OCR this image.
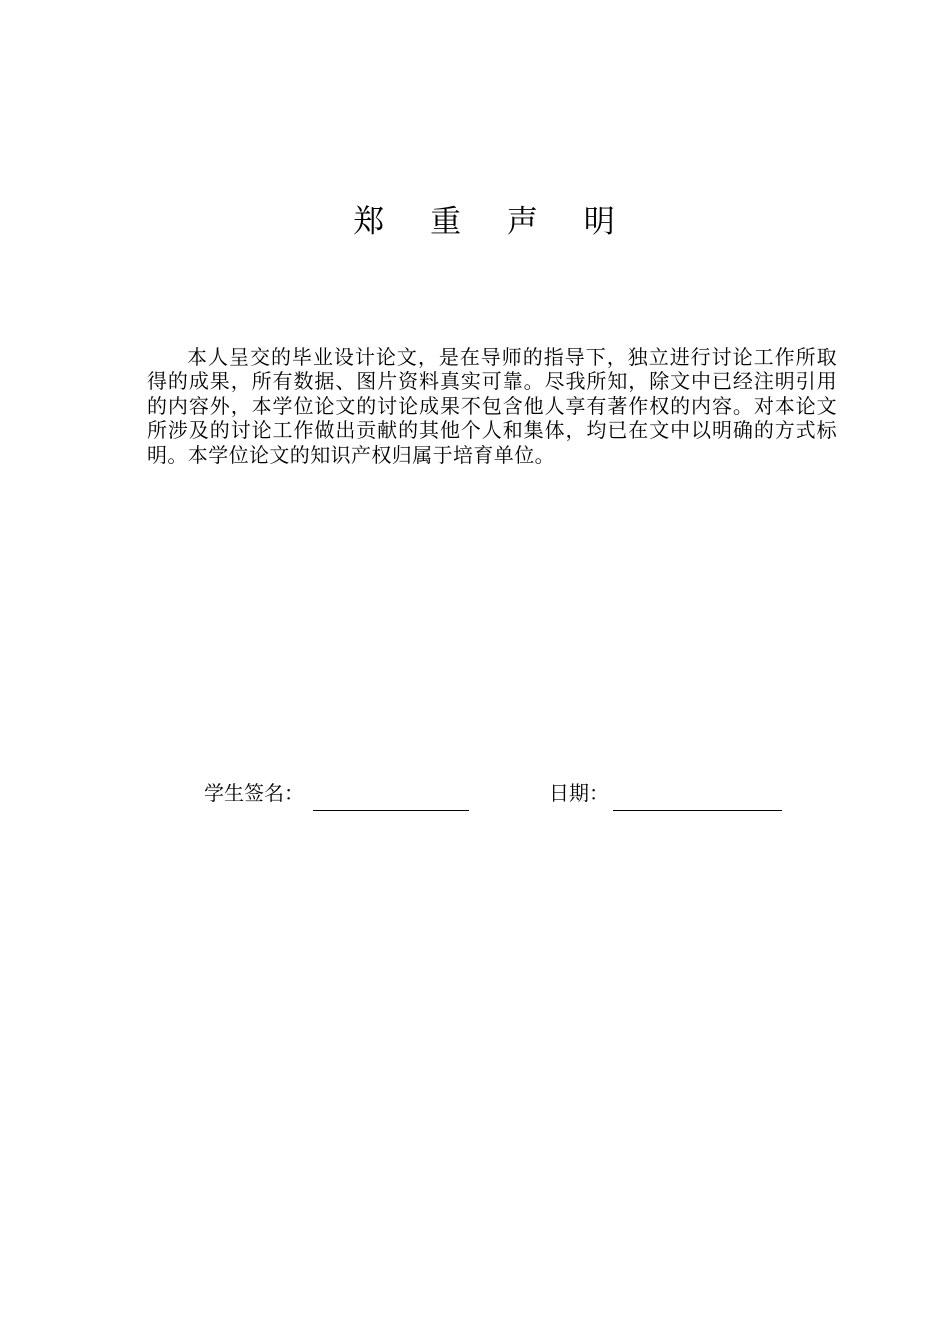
郑 重 声 明
本人呈交的毕业设计论文，是在导师的指导下，独立进行讨论工作所取得的成果，所有数据、图片资料真实可靠。尽我所知，除文中已经注明引用的内容外，本学位论文的讨论成果不包含他人享有著作权的内容。对本论文所涉及的讨论工作做出贡献的其他个人和集体，均已在文中以明确的方式标明。本学位论文的知识产权归属于培育单位。
学生签名：	日期：
